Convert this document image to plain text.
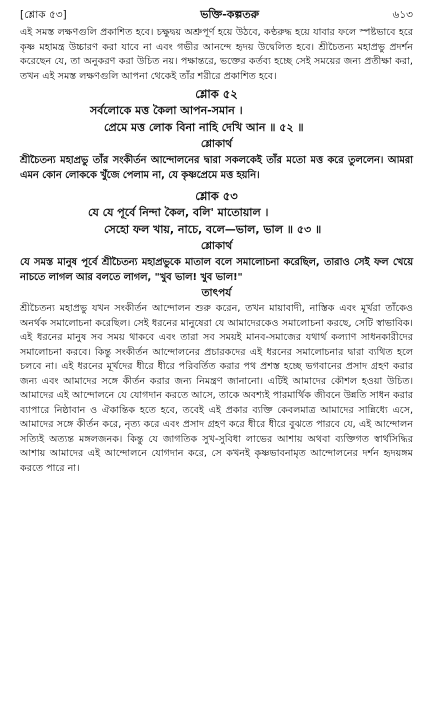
[শ্লোক ৫৩]	ভক্তি-কল্পতরু	৬১৩

এই সমস্ত লক্ষণগুলি প্রকাশিত হবে। চক্ষুদ্বয় অশ্রুপূর্ণ হয়ে উঠবে, কণ্ঠরুদ্ধ হয়ে যাবার ফলে স্পষ্টভাবে হরে কৃষ্ণ মহামন্ত্র উচ্চারণ করা যাবে না এবং গভীর আনন্দে হৃদয় উদ্বেলিত হবে। শ্রীচৈতন্য মহাপ্রভু প্রদর্শন করেছেন যে, তা অনুকরণ করা উচিত নয়। পক্ষান্তরে, ভক্তের কর্তব্য হচ্ছে সেই সময়ের জন্য প্রতীক্ষা করা, তখন এই সমস্ত লক্ষণগুলি আপনা থেকেই তাঁর শরীরে প্রকাশিত হবে।

শ্লোক ৫২

সর্বলোকে মত্ত কৈলা আপন-সমান ।

প্রেমে মত্ত লোক বিনা নাহি দেখি আন ॥ ৫২ ॥

শ্লোকার্থ

শ্রীচৈতন্য মহাপ্রভু তাঁর সংকীর্তন আন্দোলনের দ্বারা সকলকেই তাঁর মতো মত্ত করে তুললেন। আমরা এমন কোন লোককে খুঁজে পেলাম না, যে কৃষ্ণপ্রেমে মত্ত হয়নি।

শ্লোক ৫৩

যে যে পূর্বে নিন্দা কৈল, বলি' মাতোয়াল ।

সেহো ফল খায়, নাচে, বলে—ভাল, ভাল ॥ ৫৩ ॥

শ্লোকার্থ

যে সমস্ত মানুষ পূর্বে শ্রীচৈতন্য মহাপ্রভুকে মাতাল বলে সমালোচনা করেছিল, তারাও সেই ফল খেয়ে নাচতে লাগল আর বলতে লাগল, "খুব ভাল! খুব ভাল!"

তাৎপর্য

শ্রীচৈতন্য মহাপ্রভু যখন সংকীর্তন আন্দোলন শুরু করেন, তখন মায়াবাদী, নাস্তিক এবং মূর্খরা তাঁকেও অনর্থক সমালোচনা করেছিল। সেই ধরনের মানুষেরা যে আমাদেরকেও সমালোচনা করছে, সেটি স্বাভাবিক। এই ধরনের মানুষ সব সময় থাকবে এবং তারা সব সময়ই মানব-সমাজের যথার্থ কল্যাণ সাধনকারীদের সমালোচনা করবে। কিন্তু সংকীর্তন আন্দোলনের প্রচারকদের এই ধরনের সমালোচনার দ্বারা ব্যথিত হলে চলবে না। এই ধরনের মূর্খদের ধীরে ধীরে পরিবর্তিত করার পথ প্রশস্ত হচ্ছে ভগবানের প্রসাদ গ্রহণ করার জন্য এবং আমাদের সঙ্গে কীর্তন করার জন্য নিমন্ত্রণ জানানো। এটিই আমাদের কৌশল হওয়া উচিত। আমাদের এই আন্দোলনে যে যোগদান করতে আসে, তাকে অবশ্যই পারমার্থিক জীবনে উন্নতি সাধন করার ব্যাপারে নিষ্ঠাবান ও ঐকান্তিক হতে হবে, তবেই এই প্রকার ব্যক্তি কেবলমাত্র আমাদের সান্নিধ্যে এসে, আমাদের সঙ্গে কীর্তন করে, নৃত্য করে এবং প্রসাদ গ্রহণ করে ধীরে ধীরে বুঝতে পারবে যে, এই আন্দোলন সত্যিই অত্যন্ত মঙ্গলজনক। কিন্তু যে জাগতিক সুখ-সুবিধা লাভের আশায় অথবা ব্যক্তিগত স্বার্থসিদ্ধির আশায় আমাদের এই আন্দোলনে যোগদান করে, সে কখনই কৃষ্ণভাবনামৃত আন্দোলনের দর্শন হৃদয়ঙ্গম করতে পারে না।
